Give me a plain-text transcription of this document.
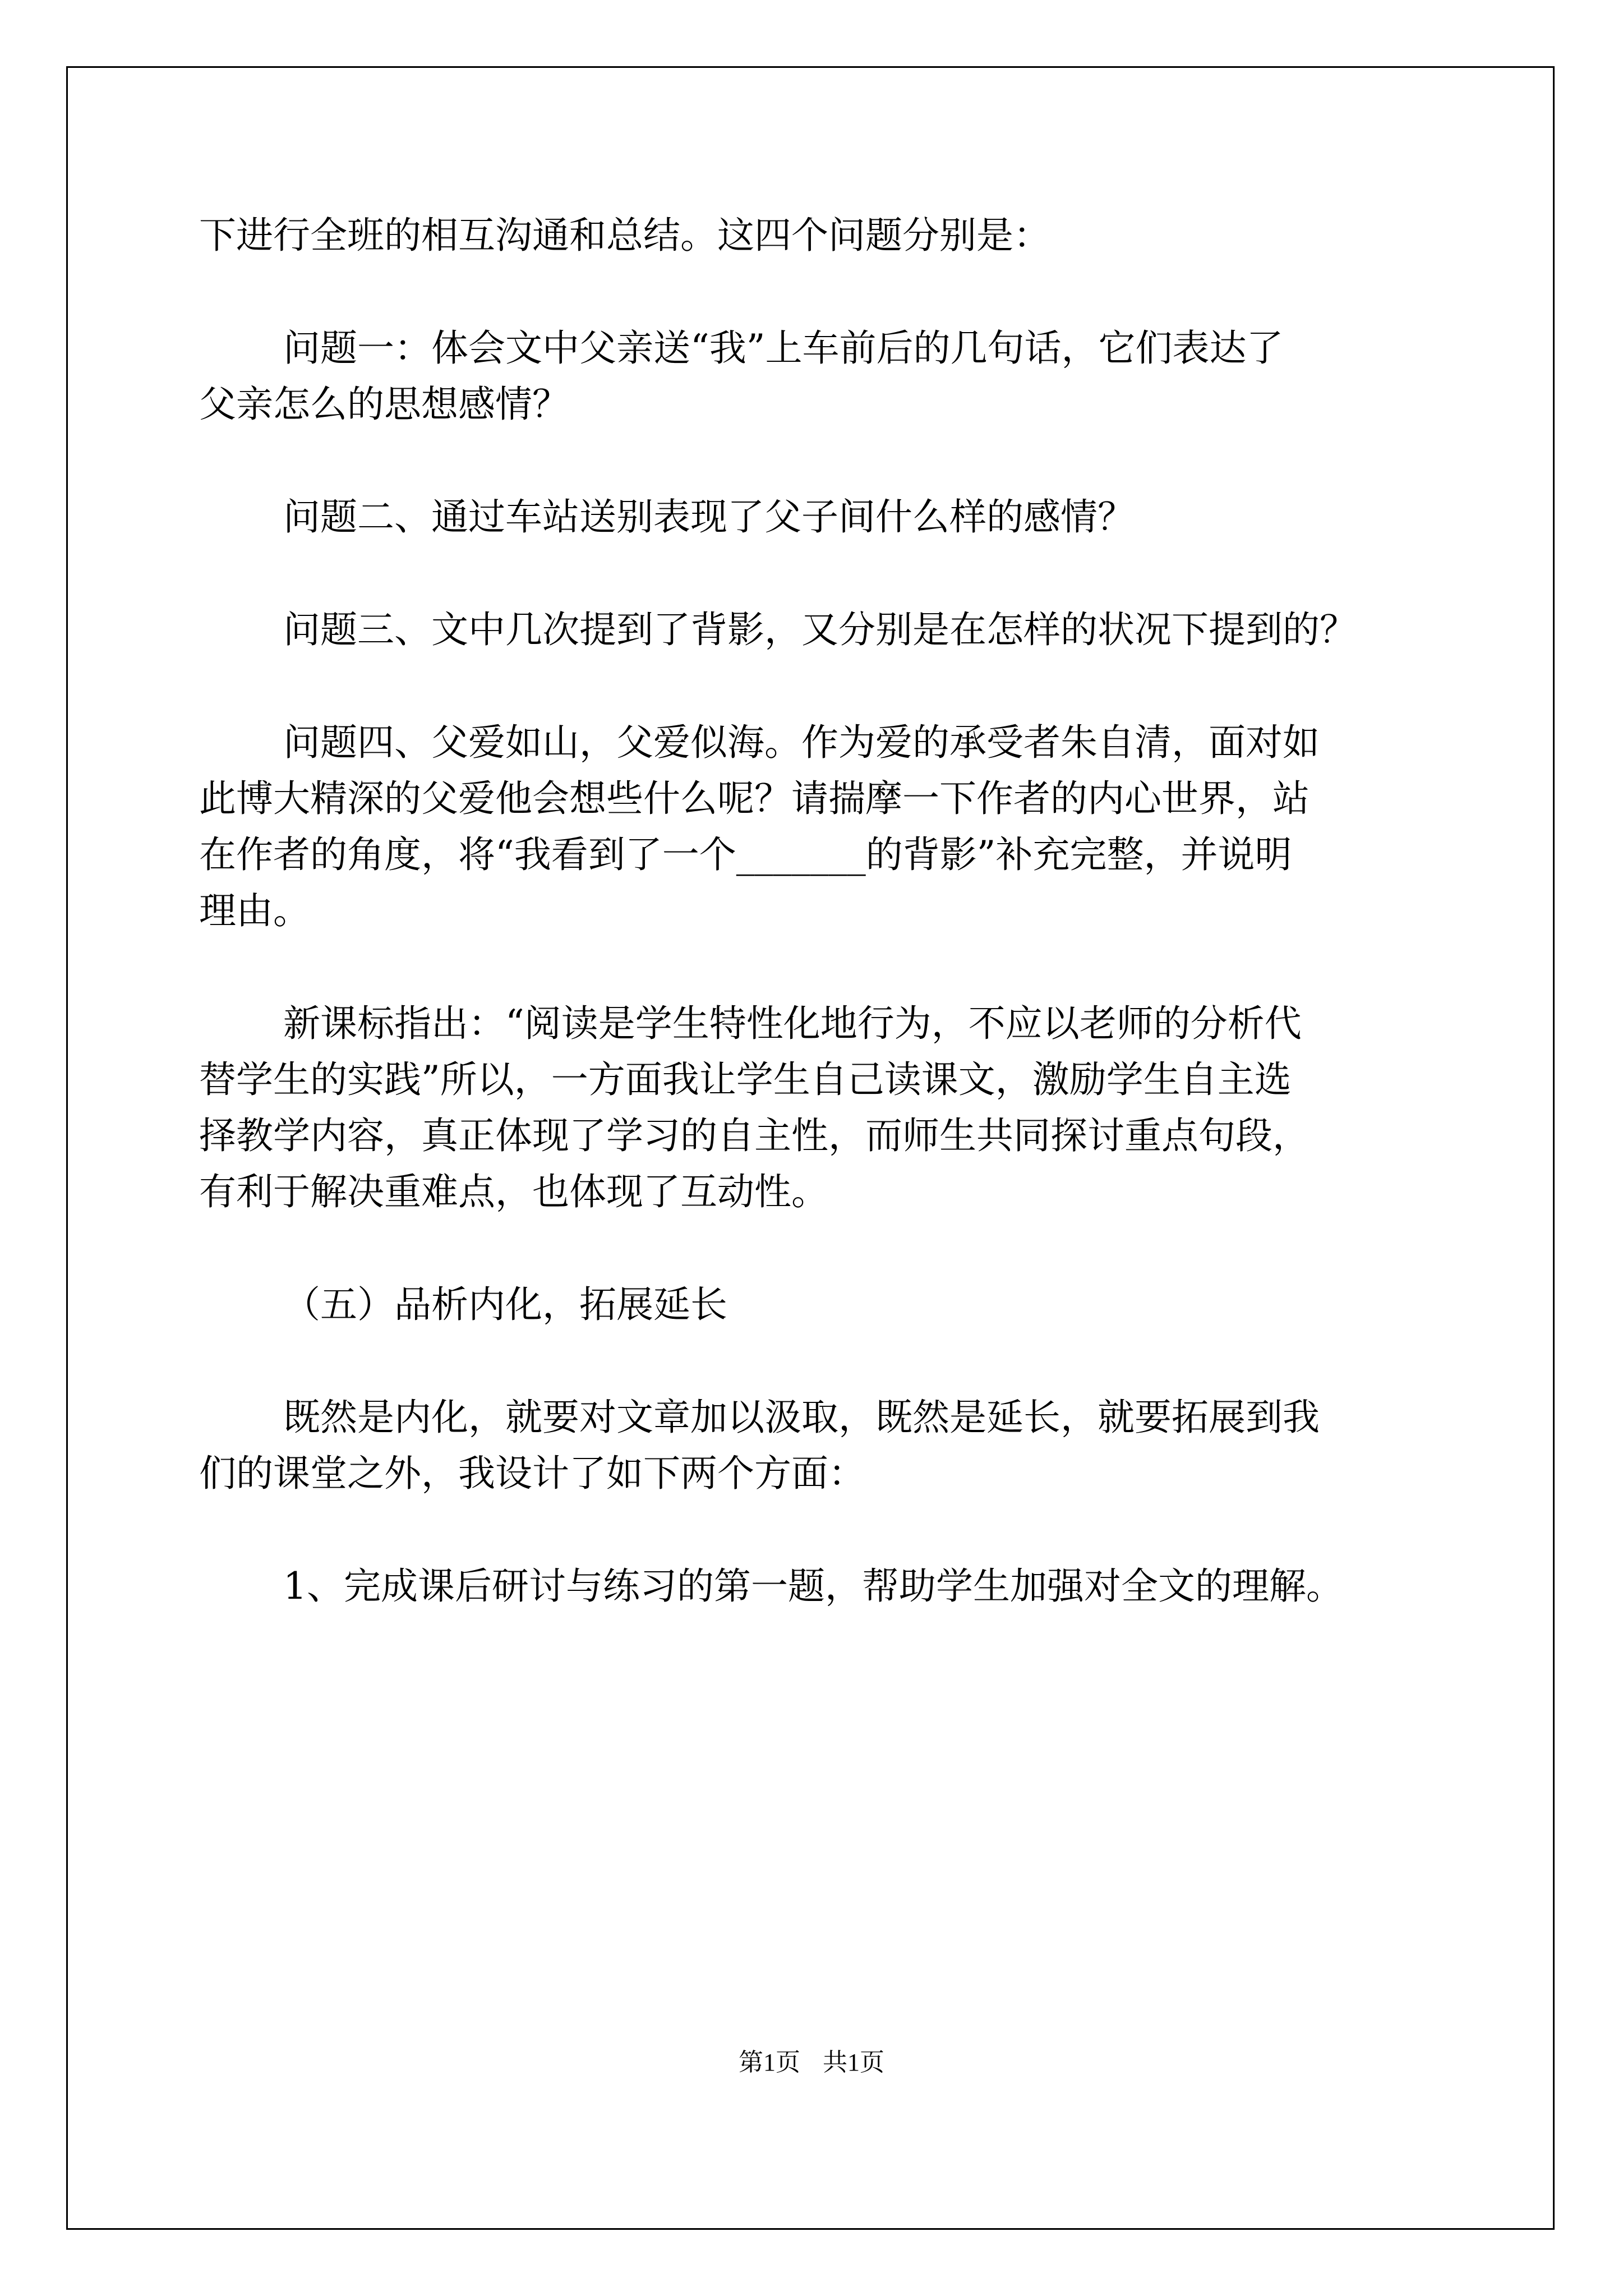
下进行全班的相互沟通和总结。这四个问题分别是：

问题一：体会文中父亲送“我”上车前后的几句话，它们表达了
父亲怎么的思想感情？

问题二、通过车站送别表现了父子间什么样的感情？

问题三、文中几次提到了背影，又分别是在怎样的状况下提到的？

问题四、父爱如山，父爱似海。作为爱的承受者朱自清，面对如
此博大精深的父爱他会想些什么呢？请揣摩一下作者的内心世界，站
在作者的角度，将“我看到了一个_______的背影”补充完整，并说明
理由。

新课标指出：“阅读是学生特性化地行为，不应以老师的分析代
替学生的实践”所以，一方面我让学生自己读课文，激励学生自主选
择教学内容，真正体现了学习的自主性，而师生共同探讨重点句段，
有利于解决重难点，也体现了互动性。

（五）品析内化，拓展延长

既然是内化，就要对文章加以汲取，既然是延长，就要拓展到我
们的课堂之外，我设计了如下两个方面：

1、完成课后研讨与练习的第一题，帮助学生加强对全文的理解。

第1页 共1页
